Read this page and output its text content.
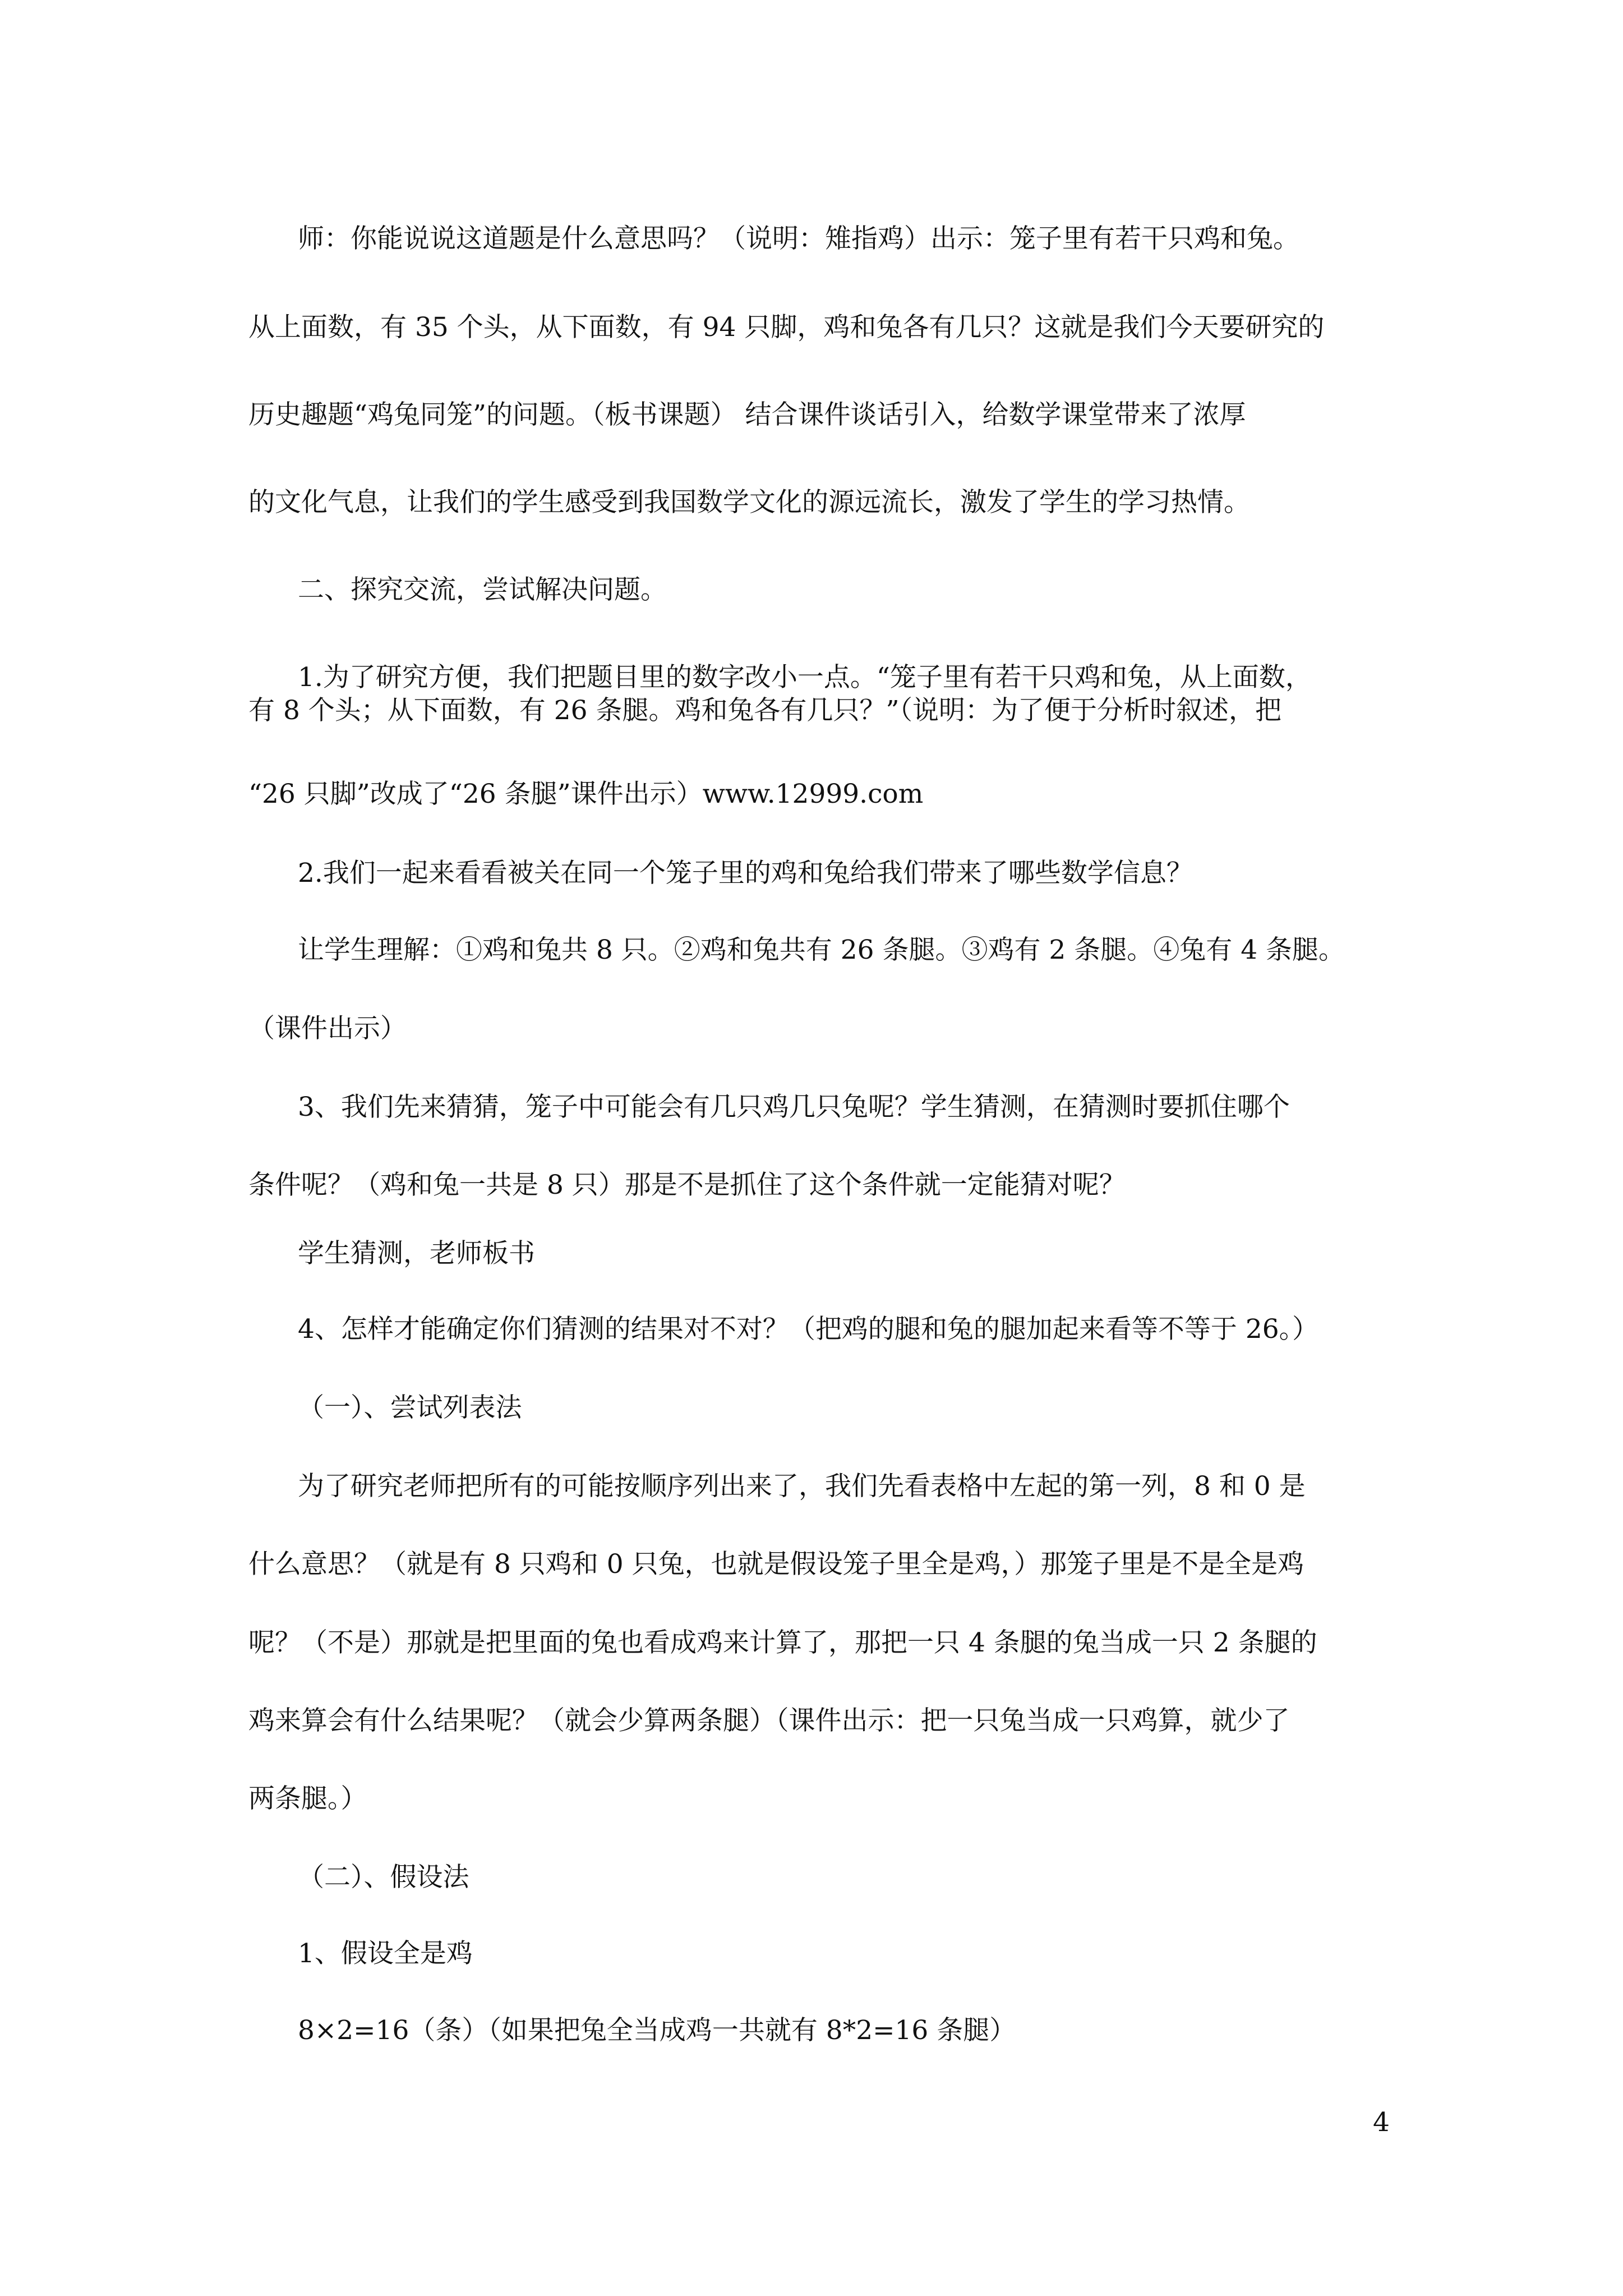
师：你能说说这道题是什么意思吗？（说明：雉指鸡）出示：笼子里有若干只鸡和兔。
从上面数，有 35 个头，从下面数，有 94 只脚，鸡和兔各有几只？这就是我们今天要研究的
历史趣题“鸡兔同笼”的问题。（板书课题） 结合课件谈话引入，给数学课堂带来了浓厚
的文化气息，让我们的学生感受到我国数学文化的源远流长，激发了学生的学习热情。
二、探究交流，尝试解决问题。
1.为了研究方便，我们把题目里的数字改小一点。“笼子里有若干只鸡和兔，从上面数，
有 8 个头；从下面数，有 26 条腿。鸡和兔各有几只？”（说明：为了便于分析时叙述，把
“26 只脚”改成了“26 条腿”课件出示）www.12999.com
2.我们一起来看看被关在同一个笼子里的鸡和兔给我们带来了哪些数学信息？
让学生理解：①鸡和兔共 8 只。②鸡和兔共有 26 条腿。③鸡有 2 条腿。④兔有 4 条腿。
（课件出示）
3、我们先来猜猜，笼子中可能会有几只鸡几只兔呢？学生猜测，在猜测时要抓住哪个
条件呢？（鸡和兔一共是 8 只）那是不是抓住了这个条件就一定能猜对呢？
学生猜测，老师板书
4、怎样才能确定你们猜测的结果对不对？（把鸡的腿和兔的腿加起来看等不等于 26。）
（一）、尝试列表法
为了研究老师把所有的可能按顺序列出来了，我们先看表格中左起的第一列，8 和 0 是
什么意思？（就是有 8 只鸡和 0 只兔，也就是假设笼子里全是鸡，）那笼子里是不是全是鸡
呢？（不是）那就是把里面的兔也看成鸡来计算了，那把一只 4 条腿的兔当成一只 2 条腿的
鸡来算会有什么结果呢？（就会少算两条腿）（课件出示：把一只兔当成一只鸡算，就少了
两条腿。）
（二）、假设法
1、假设全是鸡
8×2=16（条）（如果把兔全当成鸡一共就有 8*2=16 条腿）
4
